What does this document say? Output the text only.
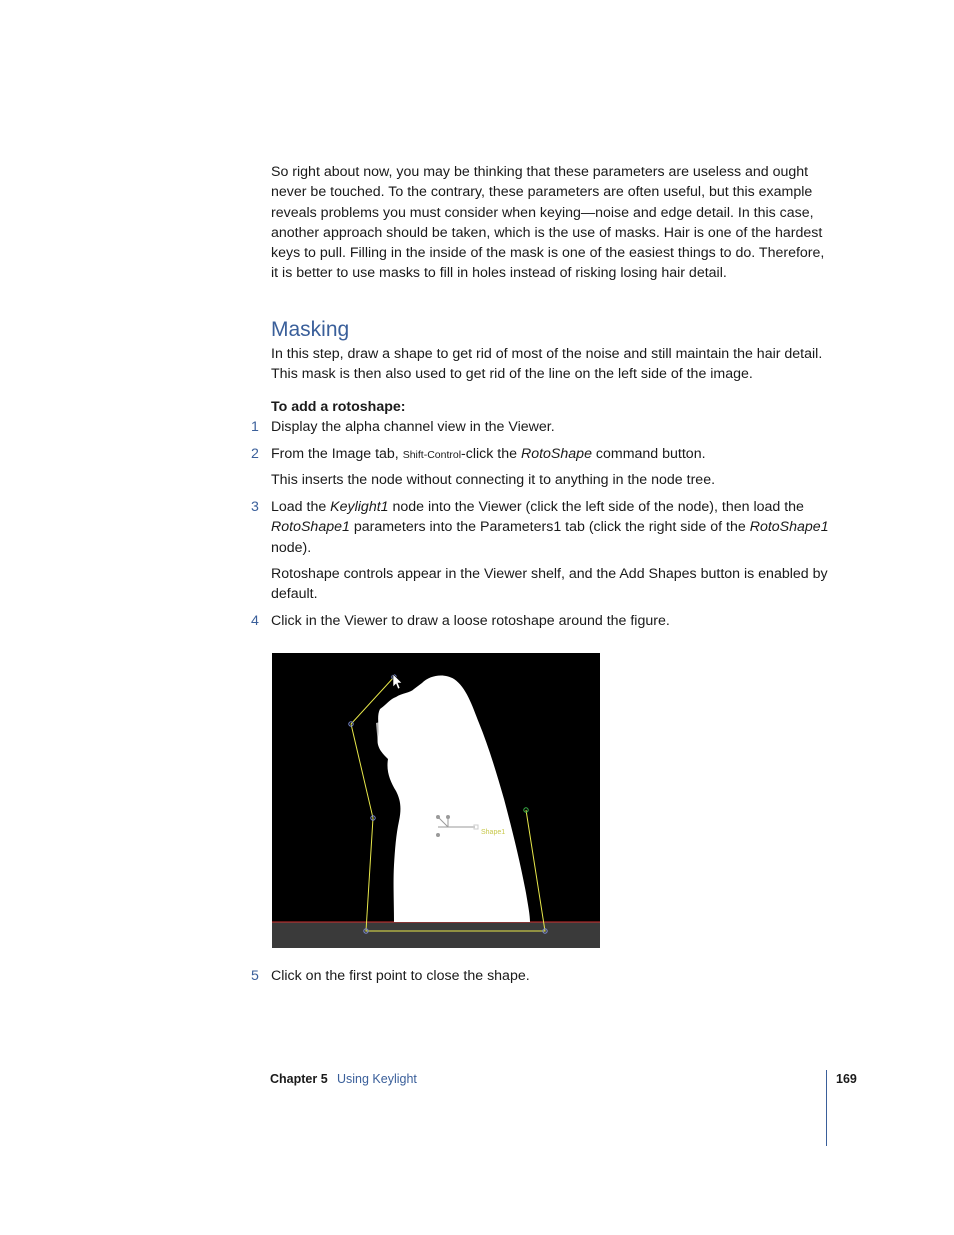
So right about now, you may be thinking that these parameters are useless and ought never be touched. To the contrary, these parameters are often useful, but this example reveals problems you must consider when keying—noise and edge detail. In this case, another approach should be taken, which is the use of masks. Hair is one of the hardest keys to pull. Filling in the inside of the mask is one of the easiest things to do. Therefore, it is better to use masks to fill in holes instead of risking losing hair detail.

Masking

In this step, draw a shape to get rid of most of the noise and still maintain the hair detail. This mask is then also used to get rid of the line on the left side of the image.

To add a rotoshape:

1 Display the alpha channel view in the Viewer.

2 From the Image tab, Shift-Control-click the RotoShape command button.

This inserts the node without connecting it to anything in the node tree.

3 Load the Keylight1 node into the Viewer (click the left side of the node), then load the RotoShape1 parameters into the Parameters1 tab (click the right side of the RotoShape1 node).

Rotoshape controls appear in the Viewer shelf, and the Add Shapes button is enabled by default.

4 Click in the Viewer to draw a loose rotoshape around the figure.

Shape1
5 Click on the first point to close the shape.

Chapter 5 Using Keylight	169
